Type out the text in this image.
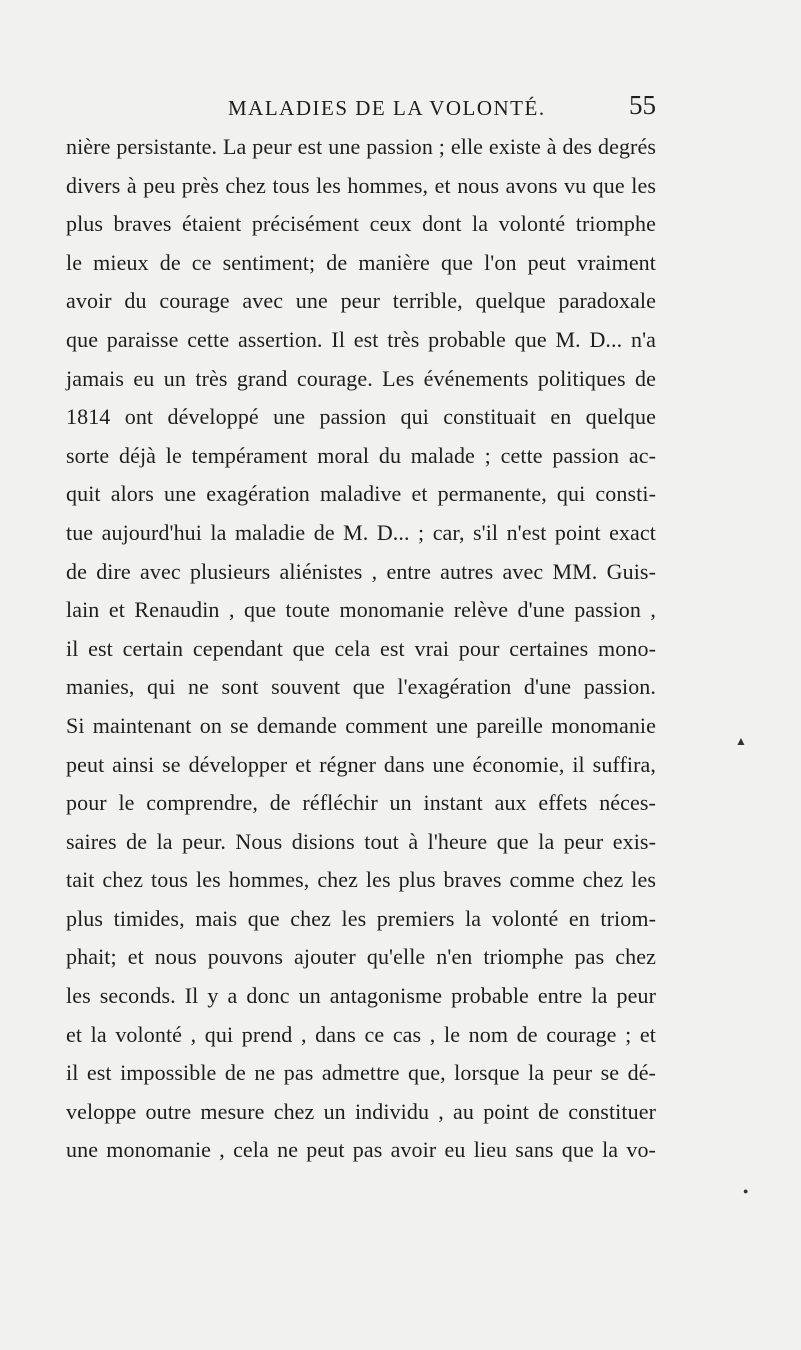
MALADIES DE LA VOLONTÉ.	55
nière persistante. La peur est une passion ; elle existe à des degrés
divers à peu près chez tous les hommes, et nous avons vu que les
plus braves étaient précisément ceux dont la volonté triomphe
le mieux de ce sentiment; de manière que l'on peut vraiment
avoir du courage avec une peur terrible, quelque paradoxale
que paraisse cette assertion. Il est très probable que M. D... n'a
jamais eu un très grand courage. Les événements politiques de
1814 ont développé une passion qui constituait en quelque
sorte déjà le tempérament moral du malade ; cette passion ac-
quit alors une exagération maladive et permanente, qui consti-
tue aujourd'hui la maladie de M. D... ; car, s'il n'est point exact
de dire avec plusieurs aliénistes , entre autres avec MM. Guis-
lain et Renaudin , que toute monomanie relève d'une passion ,
il est certain cependant que cela est vrai pour certaines mono-
manies, qui ne sont souvent que l'exagération d'une passion.
Si maintenant on se demande comment une pareille monomanie
peut ainsi se développer et régner dans une économie, il suffira,
pour le comprendre, de réfléchir un instant aux effets néces-
saires de la peur. Nous disions tout à l'heure que la peur exis-
tait chez tous les hommes, chez les plus braves comme chez les
plus timides, mais que chez les premiers la volonté en triom-
phait; et nous pouvons ajouter qu'elle n'en triomphe pas chez
les seconds. Il y a donc un antagonisme probable entre la peur
et la volonté , qui prend , dans ce cas , le nom de courage ; et
il est impossible de ne pas admettre que, lorsque la peur se dé-
veloppe outre mesure chez un individu , au point de constituer
une monomanie , cela ne peut pas avoir eu lieu sans que la vo-
▲
●
